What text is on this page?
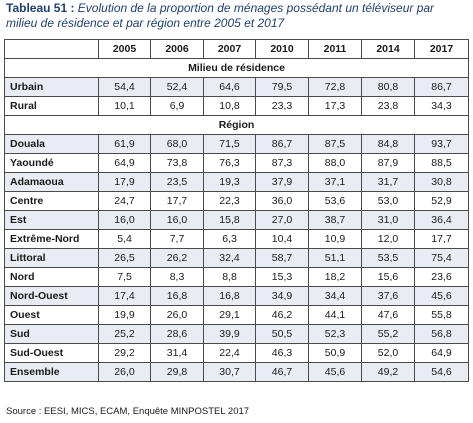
Tableau 51 : Evolution de la proportion de ménages possédant un téléviseur par milieu de résidence et par région entre 2005 et 2017
	2005	2006	2007	2010	2011	2014	2017
Milieu de résidence							
Urbain	54,4	52,4	64,6	79,5	72,8	80,8	86,7
Rural	10,1	6,9	10,8	23,3	17,3	23,8	34,3
Région							
Douala	61,9	68,0	71,5	86,7	87,5	84,8	93,7
Yaoundé	64,9	73,8	76,3	87,3	88,0	87,9	88,5
Adamaoua	17,9	23,5	19,3	37,9	37,1	31,7	30,8
Centre	24,7	17,7	22,3	36,0	53,6	53,0	52,9
Est	16,0	16,0	15,8	27,0	38,7	31,0	36,4
Extrême-Nord	5,4	7,7	6,3	10,4	10,9	12,0	17,7
Littoral	26,5	26,2	32,4	58,7	51,1	53,5	75,4
Nord	7,5	8,3	8,8	15,3	18,2	15,6	23,6
Nord-Ouest	17,4	16,8	16,8	34,9	34,4	37,6	45,6
Ouest	19,9	26,0	29,1	46,2	44,1	47,6	55,8
Sud	25,2	28,6	39,9	50,5	52,3	55,2	56,8
Sud-Ouest	29,2	31,4	22,4	46,3	50,9	52,0	64,9
Ensemble	26,0	29,8	30,7	46,7	45,6	49,2	54,6
Source : EESI, MICS, ECAM, Enquête MINPOSTEL 2017
